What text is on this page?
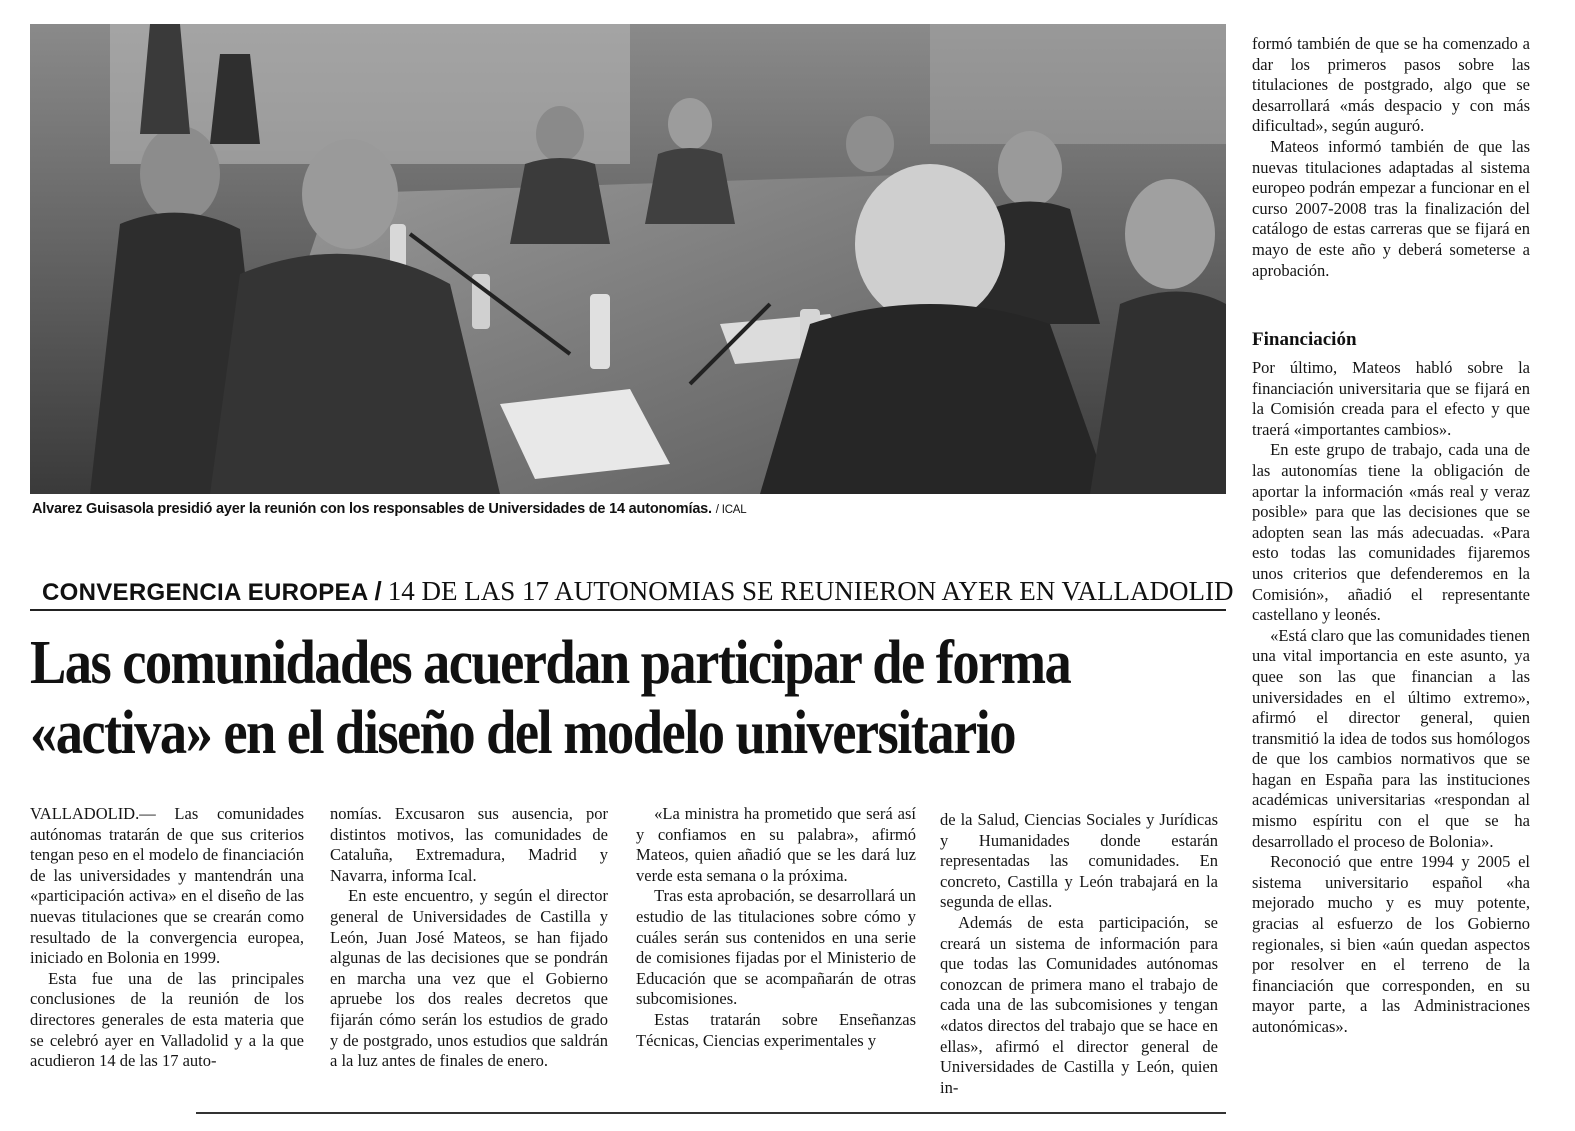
Alvarez Guisasola presidió ayer la reunión con los responsables de Universidades de 14 autonomías. / ICAL
CONVERGENCIA EUROPEA / 14 DE LAS 17 AUTONOMIAS SE REUNIERON AYER EN VALLADOLID
Las comunidades acuerdan participar de forma
«activa» en el diseño del modelo universitario

VALLADOLID.— Las comunidades autónomas tratarán de que sus criterios tengan peso en el modelo de financiación de las universidades y mantendrán una «participación activa» en el diseño de las nuevas titulaciones que se crearán como resultado de la convergencia europea, iniciado en Bolonia en 1999.

Esta fue una de las principales conclusiones de la reunión de los directores generales de esta materia que se celebró ayer en Valladolid y a la que acudieron 14 de las 17 auto-

nomías. Excusaron sus ausencia, por distintos motivos, las comunidades de Cataluña, Extremadura, Madrid y Navarra, informa Ical.

En este encuentro, y según el director general de Universidades de Castilla y León, Juan José Mateos, se han fijado algunas de las decisiones que se pondrán en marcha una vez que el Gobierno apruebe los dos reales decretos que fijarán cómo serán los estudios de grado y de postgrado, unos estudios que saldrán a la luz antes de finales de enero.

«La ministra ha prometido que será así y confiamos en su palabra», afirmó Mateos, quien añadió que se les dará luz verde esta semana o la próxima.

Tras esta aprobación, se desarrollará un estudio de las titulaciones sobre cómo y cuáles serán sus contenidos en una serie de comisiones fijadas por el Ministerio de Educación que se acompañarán de otras subcomisiones.

Estas tratarán sobre Enseñanzas Técnicas, Ciencias experimentales y

de la Salud, Ciencias Sociales y Jurídicas y Humanidades donde estarán representadas las comunidades. En concreto, Castilla y León trabajará en la segunda de ellas.

Además de esta participación, se creará un sistema de información para que todas las Comunidades autónomas conozcan de primera mano el trabajo de cada una de las subcomisiones y tengan «datos directos del trabajo que se hace en ellas», afirmó el director general de Universidades de Castilla y León, quien in-

formó también de que se ha comenzado a dar los primeros pasos sobre las titulaciones de postgrado, algo que se desarrollará «más despacio y con más dificultad», según auguró.

Mateos informó también de que las nuevas titulaciones adaptadas al sistema europeo podrán empezar a funcionar en el curso 2007-2008 tras la finalización del catálogo de estas carreras que se fijará en mayo de este año y deberá someterse a aprobación.

Financiación

Por último, Mateos habló sobre la financiación universitaria que se fijará en la Comisión creada para el efecto y que traerá «importantes cambios».

En este grupo de trabajo, cada una de las autonomías tiene la obligación de aportar la información «más real y veraz posible» para que las decisiones que se adopten sean las más adecuadas. «Para esto todas las comunidades fijaremos unos criterios que defenderemos en la Comisión», añadió el representante castellano y leonés.

«Está claro que las comunidades tienen una vital importancia en este asunto, ya quee son las que financian a las universidades en el último extremo», afirmó el director general, quien transmitió la idea de todos sus homólogos de que los cambios normativos que se hagan en España para las instituciones académicas universitarias «respondan al mismo espíritu con el que se ha desarrollado el proceso de Bolonia».

Reconoció que entre 1994 y 2005 el sistema universitario español «ha mejorado mucho y es muy potente, gracias al esfuerzo de los Gobierno regionales, si bien «aún quedan aspectos por resolver en el terreno de la financiación que corresponden, en su mayor parte, a las Administraciones autonómicas».
